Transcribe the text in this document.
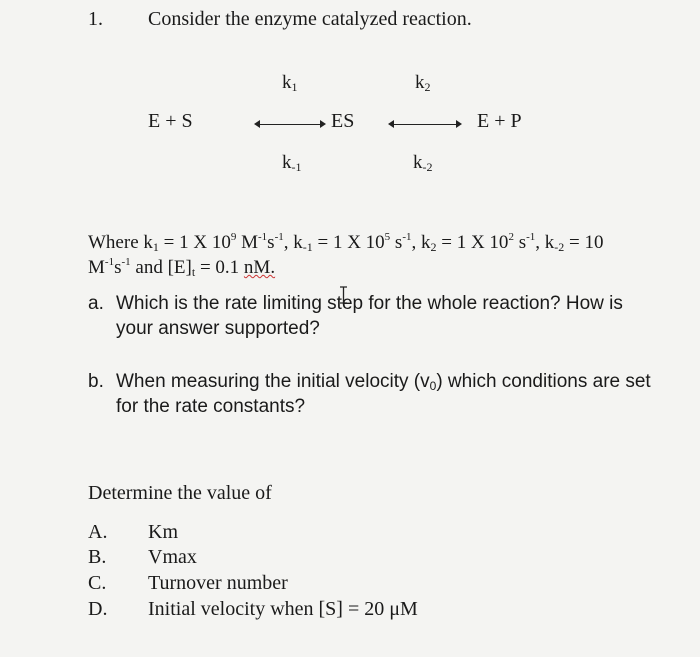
1. Consider the enzyme catalyzed reaction.
$k_1$	$k_2$
E + S	ES	E + P
$k_{-1}$	$k_{-2}$
Where $k_1 = 1$ X $10^9$ $M^{-1}s^{-1}$, $k_{-1} = 1$ X $10^5$ $s^{-1}$, $k_2 = 1$ X $10^2$ $s^{-1}$, $k_{-2} = 10$
$M^{-1}s^{-1}$ and $[E]_t = 0.1$ nM.
a. Which is the rate limiting step for the whole reaction? How is
your answer supported?
b. When measuring the initial velocity $(v_0)$ which conditions are set
for the rate constants?
Determine the value of
A. Km
B. Vmax
C. Turnover number
D. Initial velocity when [S] = 20 μM
